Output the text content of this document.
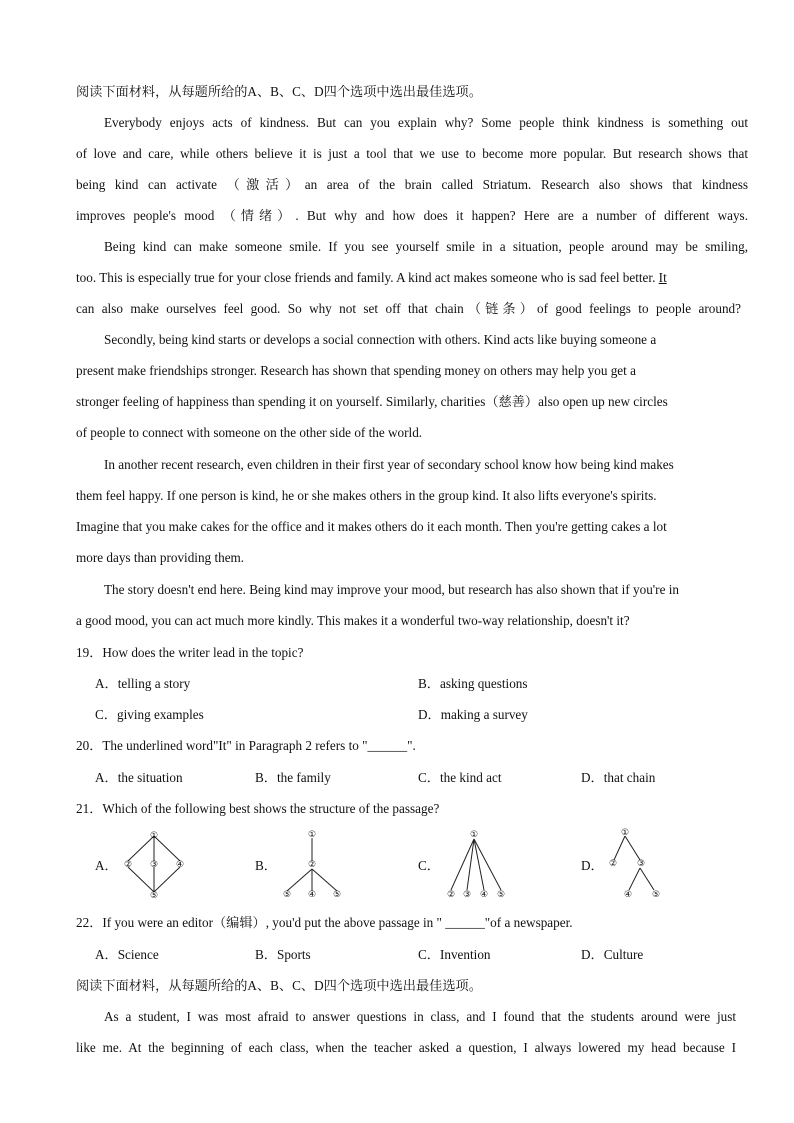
阅读下面材料，从每题所给的A、B、C、D四个选项中选出最佳选项。
Everybody enjoys acts of kindness. But can you explain why? Some people think kindness is something out
of love and care, while others believe it is just a tool that we use to become more popular. But research shows that
being kind can activate （激活）an area of the brain called Striatum. Research also shows that kindness
improves people's mood （情绪）. But why and how does it happen? Here are a number of different ways.
Being kind can make someone smile. If you see yourself smile in a situation, people around may be smiling,
too. This is especially true for your close friends and family. A kind act makes someone who is sad feel better. It
can also make ourselves feel good. So why not set off that chain（链条）of good feelings to people around?
Secondly, being kind starts or develops a social connection with others. Kind acts like buying someone a
present make friendships stronger. Research has shown that spending money on others may help you get a
stronger feeling of happiness than spending it on yourself. Similarly, charities（慈善）also open up new circles
of people to connect with someone on the other side of the world.
In another recent research, even children in their first year of secondary school know how being kind makes
them feel happy. If one person is kind, he or she makes others in the group kind. It also lifts everyone's spirits.
Imagine that you make cakes for the office and it makes others do it each month. Then you're getting cakes a lot
more days than providing them.
The story doesn't end here. Being kind may improve your mood, but research has also shown that if you're in
a good mood, you can act much more kindly. This makes it a wonderful two-way relationship, doesn't it?
19．How does the writer lead in the topic?
A．telling a story	B．asking questions
C．giving examples	D．making a survey
20．The underlined word"It" in Paragraph 2 refers to "______".
A．the situation	B．the family	C．the kind act	D．that chain
21．Which of the following best shows the structure of the passage?
A．
①
② ③ ④
⑤
B．
①
②
⑤ ④ ⑤
C．
①
② ③ ④ ⑤
D．
①
② ③
④ ⑤
22．If you were an editor（编辑）, you'd put the above passage in " ______"of a newspaper.
A．Science	B．Sports	C．Invention	D．Culture
阅读下面材料，从每题所给的A、B、C、D四个选项中选出最佳选项。
As a student, I was most afraid to answer questions in class, and I found that the students around were just
like me. At the beginning of each class, when the teacher asked a question, I always lowered my head because I
